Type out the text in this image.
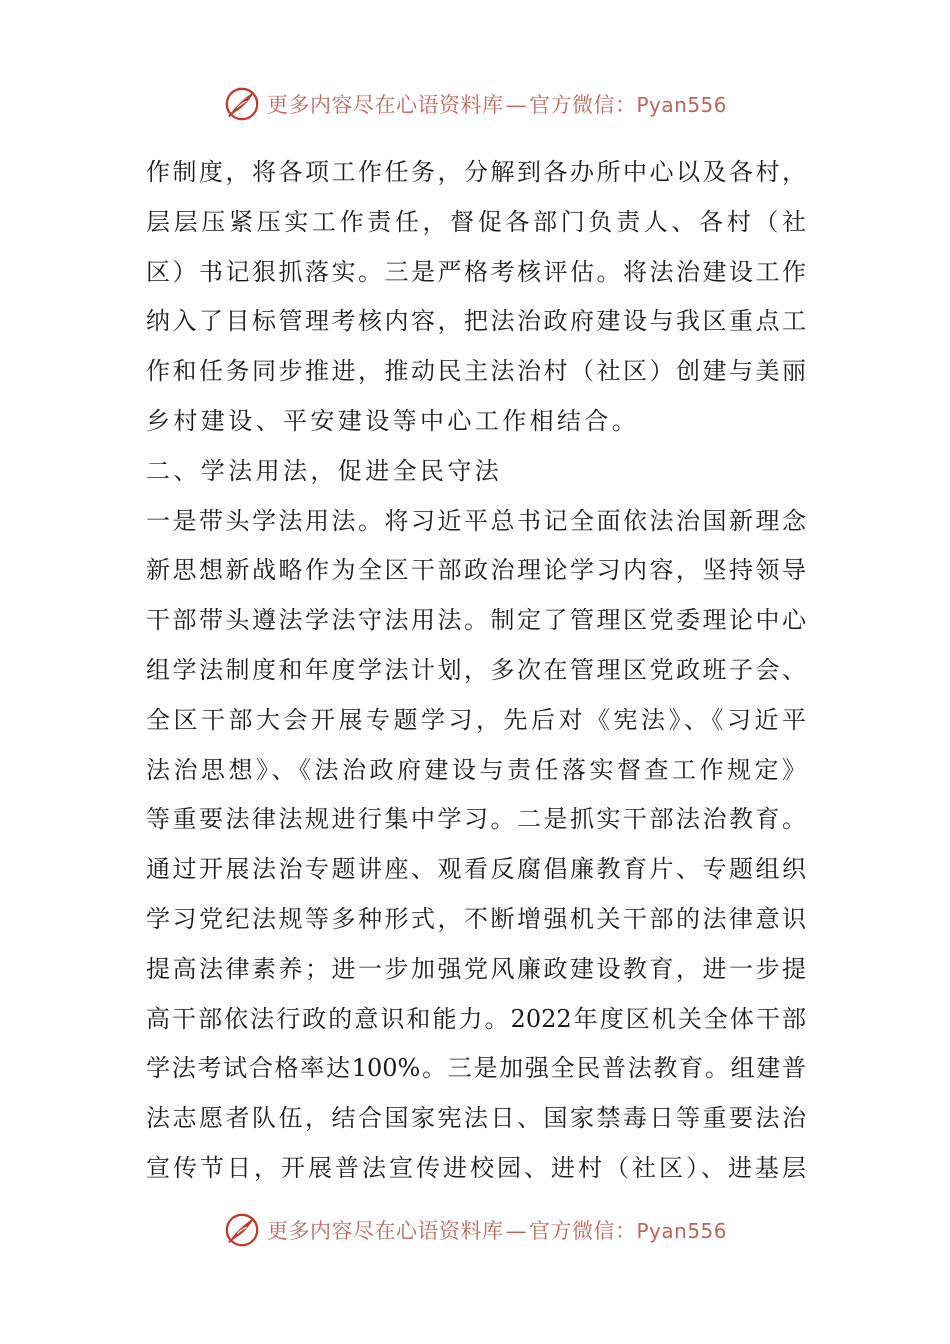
更多内容尽在心语资料库—官方微信：Pyan556
作制度，将各项工作任务，分解到各办所中心以及各村，
层层压紧压实工作责任，督促各部门负责人、各村（社
区）书记狠抓落实。三是严格考核评估。将法治建设工作
纳入了目标管理考核内容，把法治政府建设与我区重点工
作和任务同步推进，推动民主法治村（社区）创建与美丽
乡村建设、平安建设等中心工作相结合。
二、学法用法，促进全民守法
一是带头学法用法。将习近平总书记全面依法治国新理念
新思想新战略作为全区干部政治理论学习内容，坚持领导
干部带头遵法学法守法用法。制定了管理区党委理论中心
组学法制度和年度学法计划，多次在管理区党政班子会、
全区干部大会开展专题学习，先后对《宪法》、《习近平
法治思想》、《法治政府建设与责任落实督查工作规定》
等重要法律法规进行集中学习。二是抓实干部法治教育。
通过开展法治专题讲座、观看反腐倡廉教育片、专题组织
学习党纪法规等多种形式，不断增强机关干部的法律意识
提高法律素养；进一步加强党风廉政建设教育，进一步提
高干部依法行政的意识和能力。2022年度区机关全体干部
学法考试合格率达100%。三是加强全民普法教育。组建普
法志愿者队伍，结合国家宪法日、国家禁毒日等重要法治
宣传节日，开展普法宣传进校园、进村（社区）、进基层
更多内容尽在心语资料库—官方微信：Pyan556
